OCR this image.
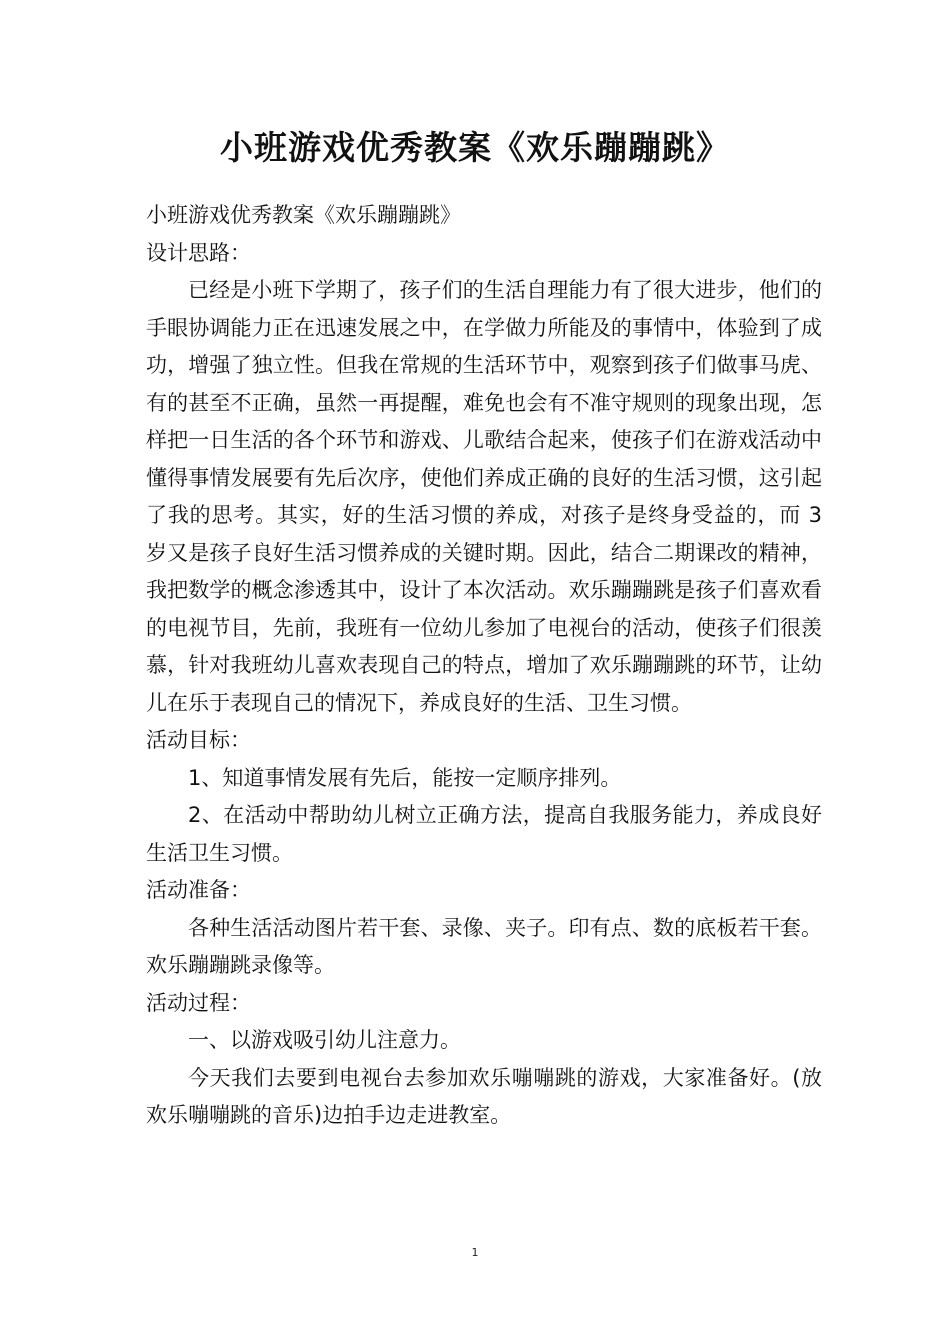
小班游戏优秀教案《欢乐蹦蹦跳》

小班游戏优秀教案《欢乐蹦蹦跳》

设计思路：

已经是小班下学期了，孩子们的生活自理能力有了很大进步，他们的手眼协调能力正在迅速发展之中，在学做力所能及的事情中，体验到了成功，增强了独立性。但我在常规的生活环节中，观察到孩子们做事马虎、有的甚至不正确，虽然一再提醒，难免也会有不准守规则的现象出现，怎样把一日生活的各个环节和游戏、儿歌结合起来，使孩子们在游戏活动中懂得事情发展要有先后次序，使他们养成正确的良好的生活习惯，这引起了我的思考。其实，好的生活习惯的养成，对孩子是终身受益的，而 3 岁又是孩子良好生活习惯养成的关键时期。因此，结合二期课改的精神，我把数学的概念渗透其中，设计了本次活动。欢乐蹦蹦跳是孩子们喜欢看的电视节目，先前，我班有一位幼儿参加了电视台的活动，使孩子们很羡慕，针对我班幼儿喜欢表现自己的特点，增加了欢乐蹦蹦跳的环节，让幼儿在乐于表现自己的情况下，养成良好的生活、卫生习惯。

活动目标：

1、知道事情发展有先后，能按一定顺序排列。

2、在活动中帮助幼儿树立正确方法，提高自我服务能力，养成良好生活卫生习惯。

活动准备：

各种生活活动图片若干套、录像、夹子。印有点、数的底板若干套。欢乐蹦蹦跳录像等。

活动过程：

一、以游戏吸引幼儿注意力。

今天我们去要到电视台去参加欢乐嘣嘣跳的游戏，大家准备好。(放欢乐嘣嘣跳的音乐)边拍手边走进教室。

1
